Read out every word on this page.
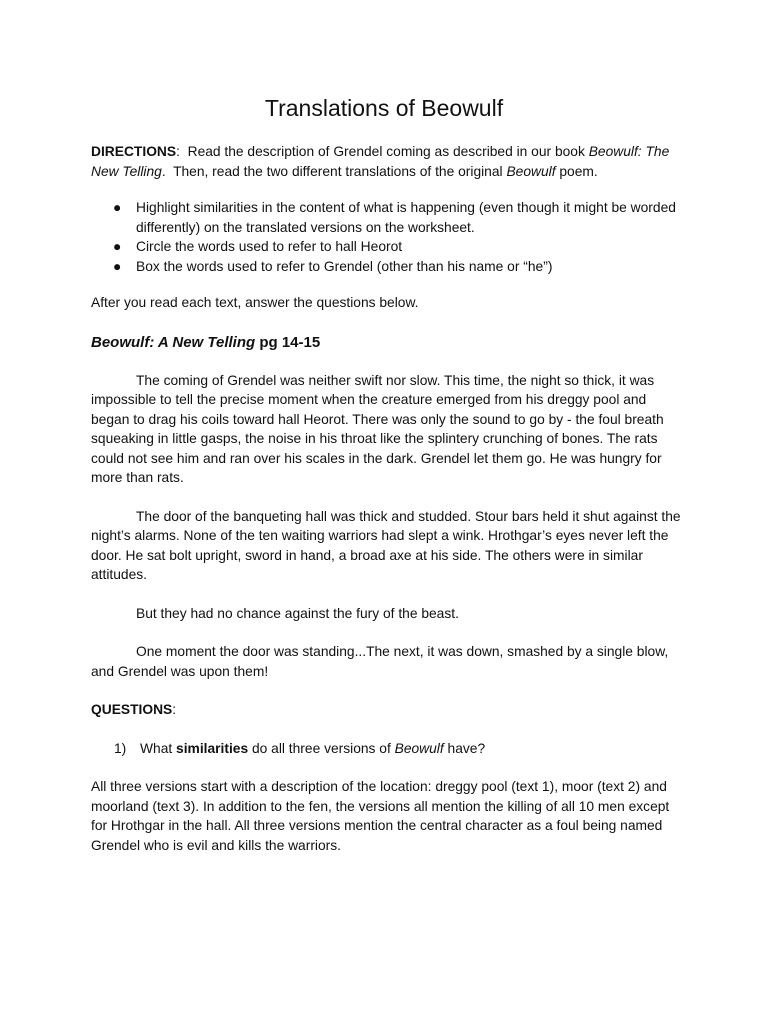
Translations of Beowulf

DIRECTIONS:  Read the description of Grendel coming as described in our book Beowulf: The New Telling.  Then, read the two different translations of the original Beowulf poem.

● Highlight similarities in the content of what is happening (even though it might be worded differently) on the translated versions on the worksheet.
● Circle the words used to refer to hall Heorot
● Box the words used to refer to Grendel (other than his name or “he”)

After you read each text, answer the questions below.

Beowulf: A New Telling pg 14-15

The coming of Grendel was neither swift nor slow. This time, the night so thick, it was impossible to tell the precise moment when the creature emerged from his dreggy pool and began to drag his coils toward hall Heorot. There was only the sound to go by - the foul breath squeaking in little gasps, the noise in his throat like the splintery crunching of bones. The rats could not see him and ran over his scales in the dark. Grendel let them go. He was hungry for more than rats.

The door of the banqueting hall was thick and studded. Stour bars held it shut against the night’s alarms. None of the ten waiting warriors had slept a wink. Hrothgar’s eyes never left the door. He sat bolt upright, sword in hand, a broad axe at his side. The others were in similar attitudes.

But they had no chance against the fury of the beast.

One moment the door was standing...The next, it was down, smashed by a single blow, and Grendel was upon them!

QUESTIONS:

1) What similarities do all three versions of Beowulf have?

All three versions start with a description of the location: dreggy pool (text 1), moor (text 2) and moorland (text 3). In addition to the fen, the versions all mention the killing of all 10 men except for Hrothgar in the hall. All three versions mention the central character as a foul being named Grendel who is evil and kills the warriors.
